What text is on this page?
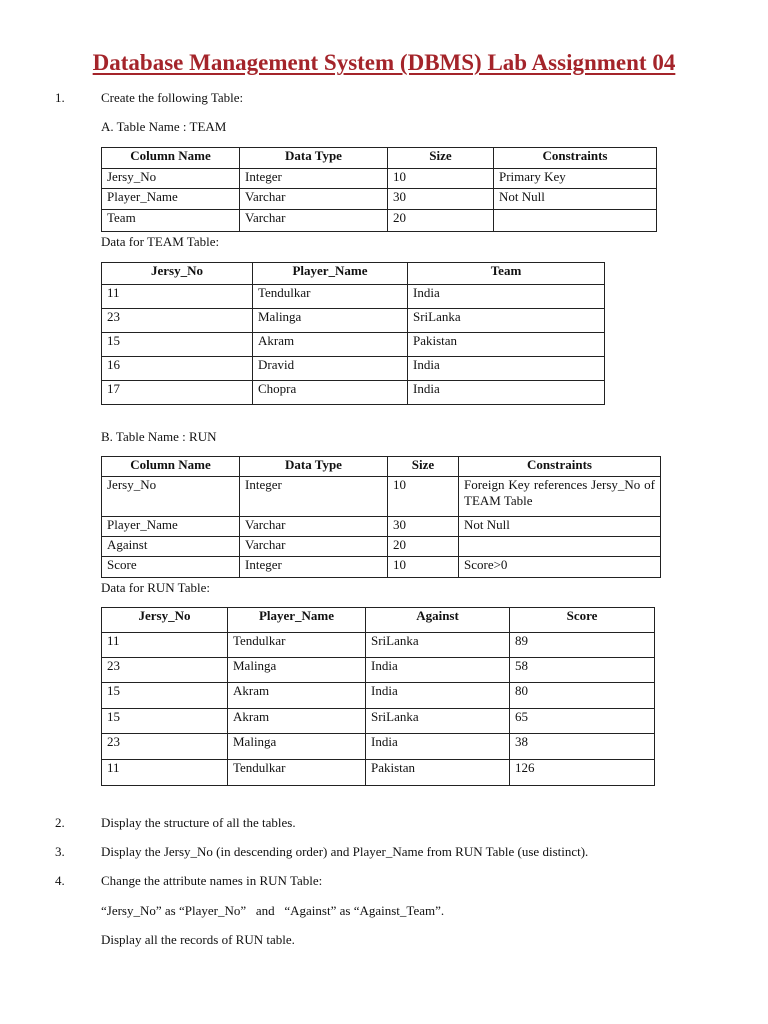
Database Management System (DBMS) Lab Assignment 04
1.	Create the following Table:
A. Table Name : TEAM
Column Name	Data Type	Size	Constraints
Jersy_No	Integer	10	Primary Key
Player_Name	Varchar	30	Not Null
Team	Varchar	20	
Data for TEAM Table:
Jersy_No	Player_Name	Team
11	Tendulkar	India
23	Malinga	SriLanka
15	Akram	Pakistan
16	Dravid	India
17	Chopra	India
B. Table Name : RUN
Column Name	Data Type	Size	Constraints
Jersy_No	Integer	10	Foreign Key references Jersy_No of TEAM Table
Player_Name	Varchar	30	Not Null
Against	Varchar	20	
Score	Integer	10	Score>0
Data for RUN Table:
Jersy_No	Player_Name	Against	Score
11	Tendulkar	SriLanka	89
23	Malinga	India	58
15	Akram	India	80
15	Akram	SriLanka	65
23	Malinga	India	38
11	Tendulkar	Pakistan	126
2.	Display the structure of all the tables.
3.	Display the Jersy_No (in descending order) and Player_Name from RUN Table (use distinct).
4.	Change the attribute names in RUN Table:
“Jersy_No” as “Player_No”   and   “Against” as “Against_Team”.
Display all the records of RUN table.
